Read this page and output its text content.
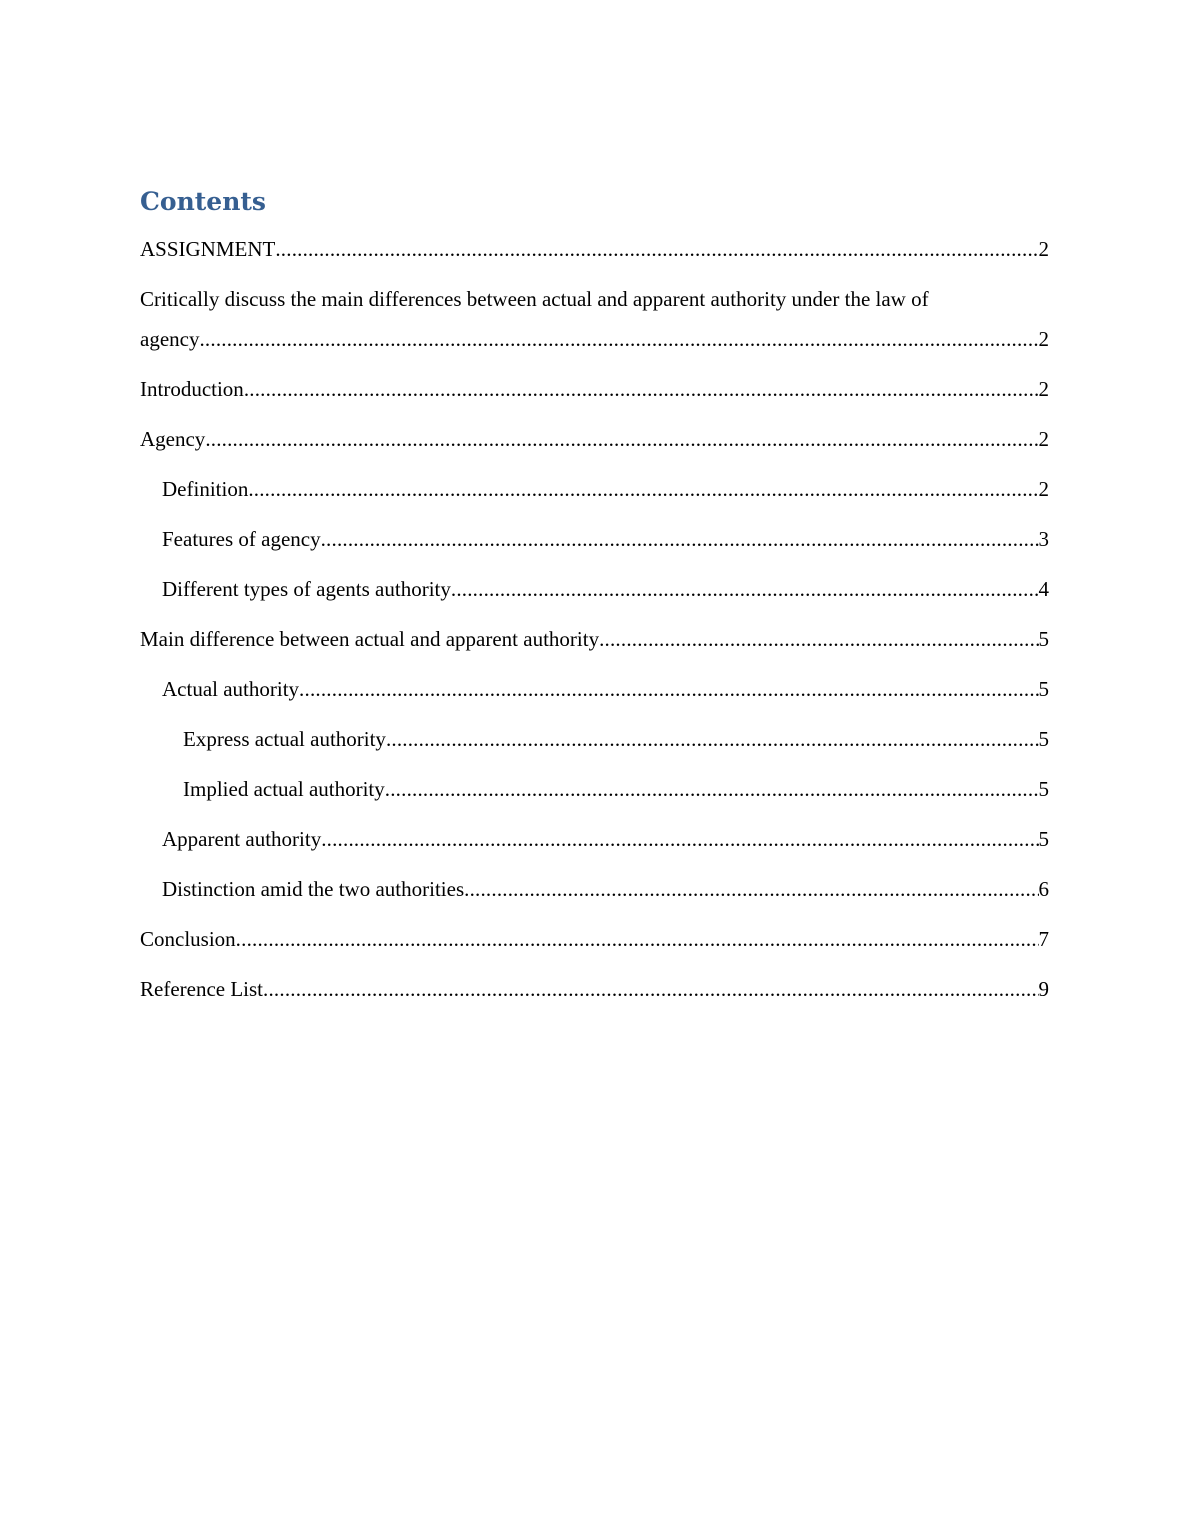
Contents
ASSIGNMENT .....	2
Critically discuss the main differences between actual and apparent authority under the law of
agency .....	2
Introduction .....	2
Agency .....	2
Definition .....	2
Features of agency .....	3
Different types of agents authority .....	4
Main difference between actual and apparent authority .....	5
Actual authority .....	5
Express actual authority .....	5
Implied actual authority .....	5
Apparent authority .....	5
Distinction amid the two authorities .....	6
Conclusion .....	7
Reference List .....	9
